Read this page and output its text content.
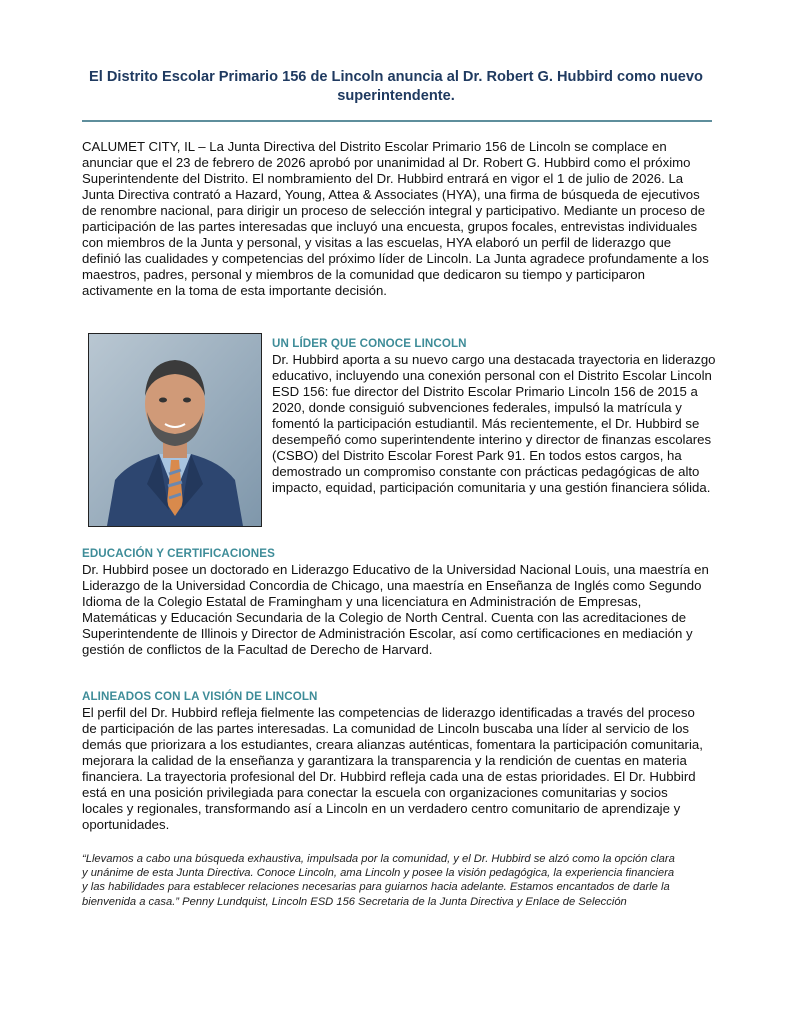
El Distrito Escolar Primario 156 de Lincoln anuncia al Dr. Robert G. Hubbird como nuevo superintendente.
CALUMET CITY, IL – La Junta Directiva del Distrito Escolar Primario 156 de Lincoln se complace en anunciar que el 23 de febrero de 2026 aprobó por unanimidad al Dr. Robert G. Hubbird como el próximo Superintendente del Distrito. El nombramiento del Dr. Hubbird entrará en vigor el 1 de julio de 2026. La Junta Directiva contrató a Hazard, Young, Attea & Associates (HYA), una firma de búsqueda de ejecutivos de renombre nacional, para dirigir un proceso de selección integral y participativo. Mediante un proceso de participación de las partes interesadas que incluyó una encuesta, grupos focales, entrevistas individuales con miembros de la Junta y personal, y visitas a las escuelas, HYA elaboró un perfil de liderazgo que definió las cualidades y competencias del próximo líder de Lincoln. La Junta agradece profundamente a los maestros, padres, personal y miembros de la comunidad que dedicaron su tiempo y participaron activamente en la toma de esta importante decisión.
UN LÍDER QUE CONOCE LINCOLN
Dr. Hubbird aporta a su nuevo cargo una destacada trayectoria en liderazgo educativo, incluyendo una conexión personal con el Distrito Escolar Lincoln ESD 156: fue director del Distrito Escolar Primario Lincoln 156 de 2015 a 2020, donde consiguió subvenciones federales, impulsó la matrícula y fomentó la participación estudiantil. Más recientemente, el Dr. Hubbird se desempeñó como superintendente interino y director de finanzas escolares (CSBO) del Distrito Escolar Forest Park 91. En todos estos cargos, ha demostrado un compromiso constante con prácticas pedagógicas de alto impacto, equidad, participación comunitaria y una gestión financiera sólida.
EDUCACIÓN Y CERTIFICACIONES
Dr. Hubbird posee un doctorado en Liderazgo Educativo de la Universidad Nacional Louis, una maestría en Liderazgo de la Universidad Concordia de Chicago, una maestría en Enseñanza de Inglés como Segundo Idioma de la Colegio Estatal de Framingham y una licenciatura en Administración de Empresas, Matemáticas y Educación Secundaria de la Colegio de North Central. Cuenta con las acreditaciones de Superintendente de Illinois y Director de Administración Escolar, así como certificaciones en mediación y gestión de conflictos de la Facultad de Derecho de Harvard.
ALINEADOS CON LA VISIÓN DE LINCOLN
El perfil del Dr. Hubbird refleja fielmente las competencias de liderazgo identificadas a través del proceso de participación de las partes interesadas. La comunidad de Lincoln buscaba una líder al servicio de los demás que priorizara a los estudiantes, creara alianzas auténticas, fomentara la participación comunitaria, mejorara la calidad de la enseñanza y garantizara la transparencia y la rendición de cuentas en materia financiera. La trayectoria profesional del Dr. Hubbird refleja cada una de estas prioridades. El Dr. Hubbird está en una posición privilegiada para conectar la escuela con organizaciones comunitarias y socios locales y regionales, transformando así a Lincoln en un verdadero centro comunitario de aprendizaje y oportunidades.
“Llevamos a cabo una búsqueda exhaustiva, impulsada por la comunidad, y el Dr. Hubbird se alzó como la opción clara y unánime de esta Junta Directiva. Conoce Lincoln, ama Lincoln y posee la visión pedagógica, la experiencia financiera y las habilidades para establecer relaciones necesarias para guiarnos hacia adelante. Estamos encantados de darle la bienvenida a casa.” Penny Lundquist, Lincoln ESD 156 Secretaria de la Junta Directiva y Enlace de Selección
